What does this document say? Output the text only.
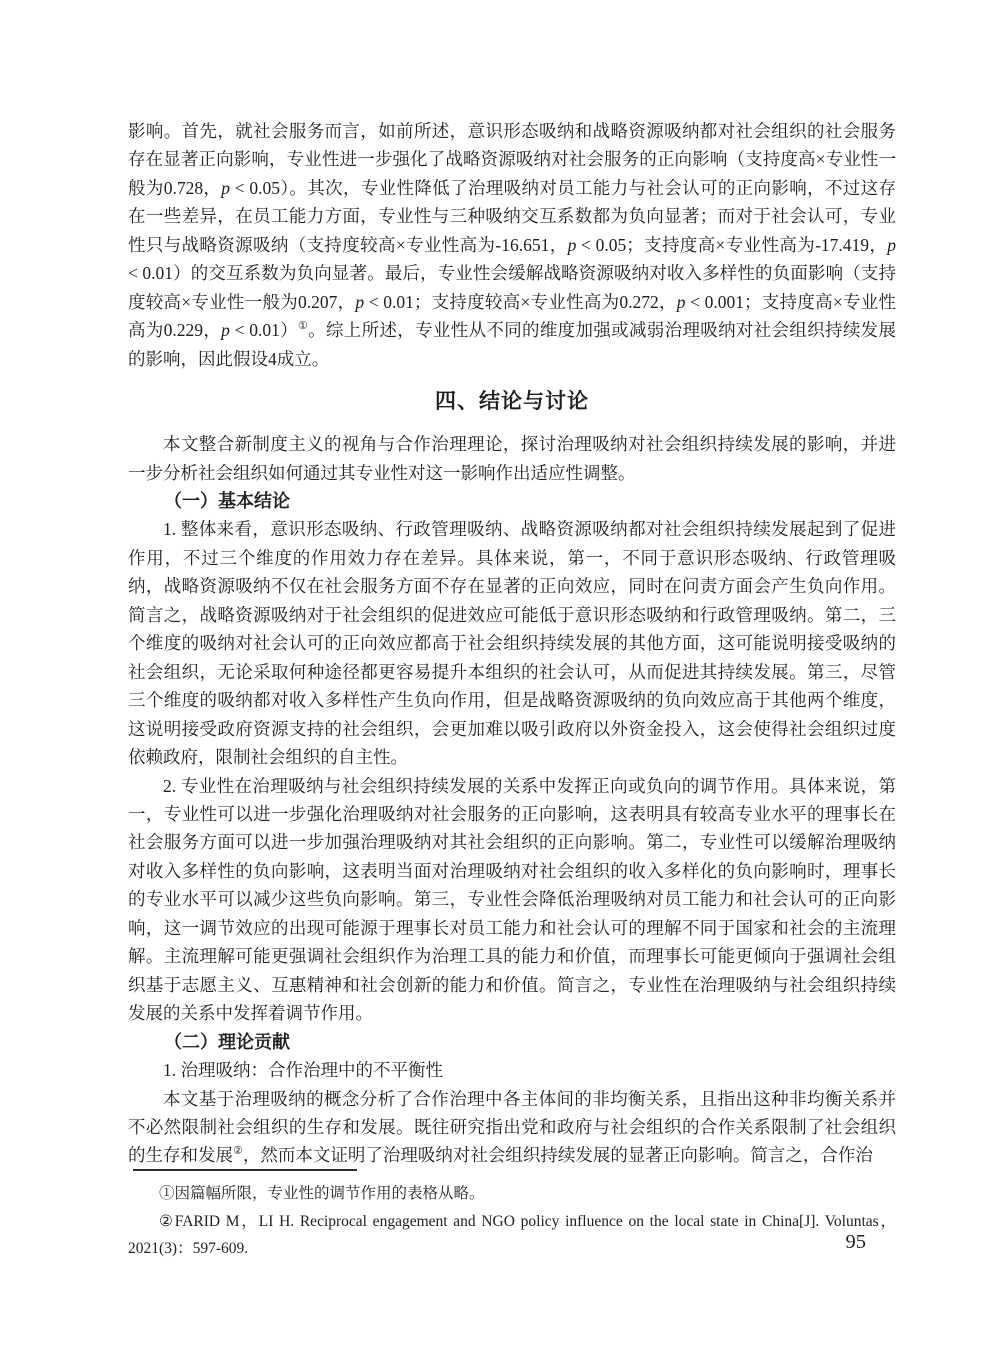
影响。首先，就社会服务而言，如前所述，意识形态吸纳和战略资源吸纳都对社会组织的社会服务存在显著正向影响，专业性进一步强化了战略资源吸纳对社会服务的正向影响（支持度高×专业性一般为0.728，p < 0.05）。其次，专业性降低了治理吸纳对员工能力与社会认可的正向影响，不过这存在一些差异，在员工能力方面，专业性与三种吸纳交互系数都为负向显著；而对于社会认可，专业性只与战略资源吸纳（支持度较高×专业性高为-16.651，p < 0.05；支持度高×专业性高为-17.419，p < 0.01）的交互系数为负向显著。最后，专业性会缓解战略资源吸纳对收入多样性的负面影响（支持度较高×专业性一般为0.207，p < 0.01；支持度较高×专业性高为0.272，p < 0.001；支持度高×专业性高为0.229，p < 0.01）①。综上所述，专业性从不同的维度加强或减弱治理吸纳对社会组织持续发展的影响，因此假设4成立。

四、结论与讨论

本文整合新制度主义的视角与合作治理理论，探讨治理吸纳对社会组织持续发展的影响，并进一步分析社会组织如何通过其专业性对这一影响作出适应性调整。

（一）基本结论

1. 整体来看，意识形态吸纳、行政管理吸纳、战略资源吸纳都对社会组织持续发展起到了促进作用，不过三个维度的作用效力存在差异。具体来说，第一，不同于意识形态吸纳、行政管理吸纳，战略资源吸纳不仅在社会服务方面不存在显著的正向效应，同时在问责方面会产生负向作用。简言之，战略资源吸纳对于社会组织的促进效应可能低于意识形态吸纳和行政管理吸纳。第二，三个维度的吸纳对社会认可的正向效应都高于社会组织持续发展的其他方面，这可能说明接受吸纳的社会组织，无论采取何种途径都更容易提升本组织的社会认可，从而促进其持续发展。第三，尽管三个维度的吸纳都对收入多样性产生负向作用，但是战略资源吸纳的负向效应高于其他两个维度，这说明接受政府资源支持的社会组织，会更加难以吸引政府以外资金投入，这会使得社会组织过度依赖政府，限制社会组织的自主性。

2. 专业性在治理吸纳与社会组织持续发展的关系中发挥正向或负向的调节作用。具体来说，第一，专业性可以进一步强化治理吸纳对社会服务的正向影响，这表明具有较高专业水平的理事长在社会服务方面可以进一步加强治理吸纳对其社会组织的正向影响。第二，专业性可以缓解治理吸纳对收入多样性的负向影响，这表明当面对治理吸纳对社会组织的收入多样化的负向影响时，理事长的专业水平可以减少这些负向影响。第三，专业性会降低治理吸纳对员工能力和社会认可的正向影响，这一调节效应的出现可能源于理事长对员工能力和社会认可的理解不同于国家和社会的主流理解。主流理解可能更强调社会组织作为治理工具的能力和价值，而理事长可能更倾向于强调社会组织基于志愿主义、互惠精神和社会创新的能力和价值。简言之，专业性在治理吸纳与社会组织持续发展的关系中发挥着调节作用。

（二）理论贡献

1. 治理吸纳：合作治理中的不平衡性

本文基于治理吸纳的概念分析了合作治理中各主体间的非均衡关系，且指出这种非均衡关系并不必然限制社会组织的生存和发展。既往研究指出党和政府与社会组织的合作关系限制了社会组织的生存和发展②，然而本文证明了治理吸纳对社会组织持续发展的显著正向影响。简言之，合作治

①因篇幅所限，专业性的调节作用的表格从略。

②FARID M，LI H. Reciprocal engagement and NGO policy influence on the local state in China[J]. Voluntas，2021(3)：597-609.	95
